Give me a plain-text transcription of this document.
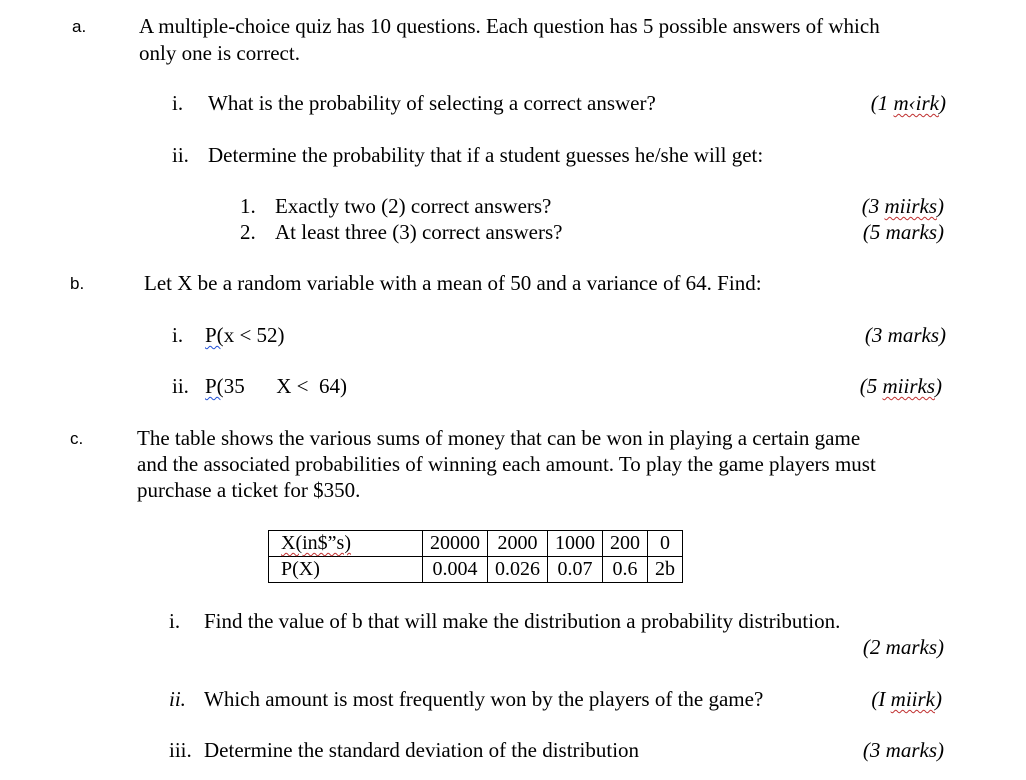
a.	A multiple-choice quiz has 10 questions. Each question has 5 possible answers of which
only one is correct.
i. What is the probability of selecting a correct answer?	(1 m‹irk)
ii. Determine the probability that if a student guesses he/she will get:
1. Exactly two (2) correct answers?	(3 miirks)
2. At least three (3) correct answers?	(5 marks)
b.	Let X be a random variable with a mean of 50 and a variance of 64. Find:
i. P(x < 52)	(3 marks)
ii. P(35      X <  64)	(5 miirks)
c.	The table shows the various sums of money that can be won in playing a certain game
and the associated probabilities of winning each amount. To play the game players must
purchase a ticket for $350.
X(in$”s)	20000	2000	1000	200	0
P(X)	0.004	0.026	0.07	0.6	2b
i. Find the value of b that will make the distribution a probability distribution.
(2 marks)
ii. Which amount is most frequently won by the players of the game?	(I miirk)
iii. Determine the standard deviation of the distribution	(3 marks)
